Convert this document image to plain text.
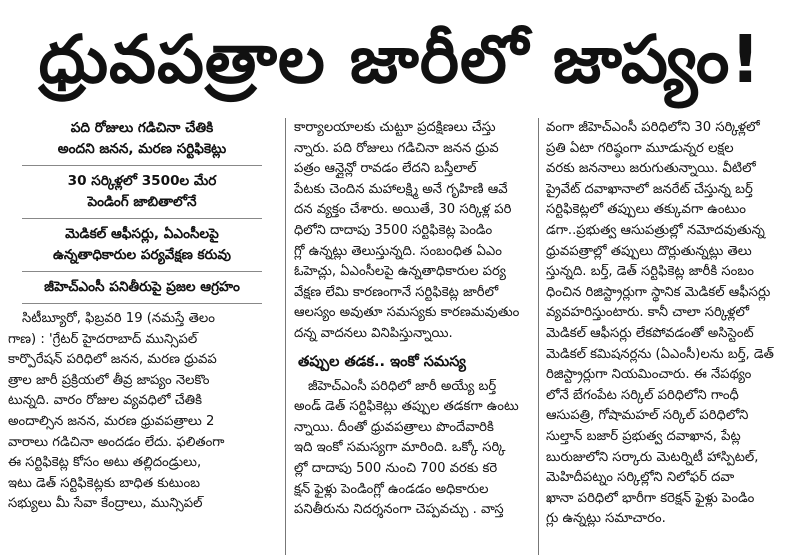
ధ్రువపత్రాల జారీలో జాప్యం!
పది రోజులు గడిచినా చేతికి
అందని జనన, మరణ సర్టిఫికెట్లు
30 సర్కిళ్లలో 3500ల మేర
పెండింగ్ జాబితాలోనే
మెడికల్ ఆఫీసర్లు, ఏఎంసీలపై
ఉన్నతాధికారుల పర్యవేక్షణ కరువు
జీహెచ్ఎంసీ పనితీరుపై ప్రజల ఆగ్రహం
సిటీబ్యూరో, ఫిబ్రవరి 19 (నమస్తే తెలం
గాణ) : 'గ్రేటర్ హైదరాబాద్ మున్సిపల్
కార్పొరేషన్ పరిధిలో జనన, మరణ ధ్రువప
త్రాల జారీ ప్రక్రియలో తీవ్ర జాప్యం నెలకొం
టున్నది. వారం రోజుల వ్యవధిలో చేతికి
అందాల్సిన జనన, మరణ ధ్రువపత్రాలు 2
వారాలు గడిచినా అందడం లేదు. ఫలితంగా
ఈ సర్టిఫికెట్ల కోసం అటు తల్లిదండ్రులు,
ఇటు డెత్ సర్టిఫికెట్లకు బాధిత కుటుంబ
సభ్యులు మీ సేవా కేంద్రాలు, మున్సిపల్
కార్యాలయాలకు చుట్టూ ప్రదక్షిణలు చేస్తు
న్నారు. పది రోజులు గడిచినా జనన ధ్రువ
పత్రం ఆన్లైన్లో రావడం లేదని బస్తీలాల్
పేటకు చెందిన మహాలక్ష్మి అనే గృహిణి ఆవే
దన వ్యక్తం చేశారు. అయితే, 30 సర్కిళ్ల పరి
ధిలోని దాదాపు 3500 సర్టిఫికెట్ల పెండిం
గ్లో ఉన్నట్లు తెలుస్తున్నది. సంబంధిత ఏఎం
ఓహెచ్లు, ఏఎంసీలపై ఉన్నతాధికారుల పర్య
వేక్షణ లేమి కారణంగానే సర్టిఫికెట్ల జారీలో
ఆలస్యం అవుతూ సమస్యకు కారణమవుతుం
దన్న వాదనలు వినిపిస్తున్నాయి.
తప్పుల తడక.. ఇంకో సమస్య
జీహెచ్ఎంసీ పరిధిలో జారీ అయ్యే బర్త్
అండ్ డెత్ సర్టిఫికెట్లు తప్పుల తడకగా ఉంటు
న్నాయి. దీంతో ధ్రువపత్రాలు పొందేవారికి
ఇది ఇంకో సమస్యగా మారింది. ఒక్కో సర్కి
ల్లో దాదాపు 500 నుంచి 700 వరకు కరె
క్షన్ ఫైళ్లు పెండింగ్లో ఉండడం అధికారుల
పనితీరును నిదర్శనంగా చెప్పవచ్చు . వాస్త
వంగా జీహెచ్ఎంసీ పరిధిలోని 30 సర్కిళ్లలో
ప్రతి ఏటా గరిష్ఠంగా మూడున్నర లక్షల
వరకు జననాలు జరుగుతున్నాయి. వీటిలో
ప్రైవేట్ దవాఖానాలో జనరేట్ చేస్తున్న బర్త్
సర్టిఫికెట్లలో తప్పులు తక్కువగా ఉంటుం
డగా..ప్రభుత్వ ఆసుపత్రుల్లో నమోదవుతున్న
ధ్రువపత్రాల్లో తప్పులు దొర్లుతున్నట్లు తెలు
స్తున్నది. బర్త్, డెత్ సర్టిఫికెట్ల జారీకి సంబం
ధించిన రిజిస్ట్రార్లుగా స్థానిక మెడికల్ ఆఫీసర్లు
వ్యవహరిస్తుంటారు. కానీ చాలా సర్కిళ్లలో
మెడికల్ ఆఫీసర్లు లేకపోవడంతో అసిస్టెంట్
మెడికల్ కమిషనర్లను (ఏఎంసీ)లను బర్త్, డెత్
రిజిస్ట్రార్లుగా నియమించారు. ఈ నేపథ్యం
లోనే బేగంపేట సర్కిల్ పరిధిలోని గాంధీ
ఆసుపత్రి, గోషామహల్ సర్కిల్ పరిధిలోని
సుల్తాన్ బజార్ ప్రభుత్వ దవాఖాన, పేట్ల
బురుజులోని సర్కారు మెటర్నిటీ హాస్పిటల్,
మెహిదీపట్నం సర్కిల్లోని నిలోఫర్ దవా
ఖానా పరిధిలో భారీగా కరెక్షన్ ఫైళ్లు పెండిం
గ్లు ఉన్నట్లు సమాచారం.
